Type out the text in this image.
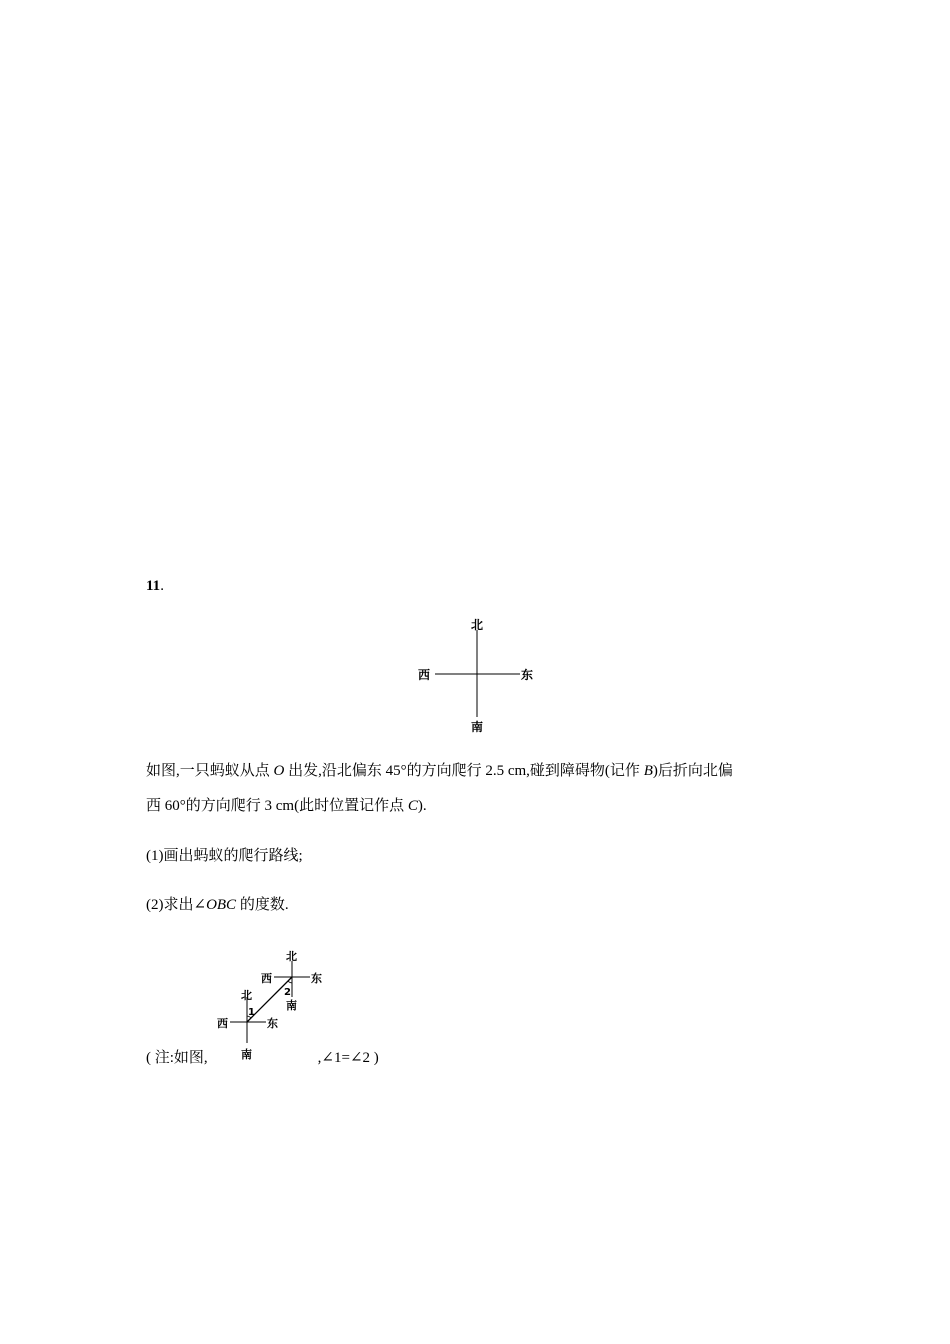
11.
北
南
西	东
如图,一只蚂蚁从点 O 出发,沿北偏东 45°的方向爬行 2.5 cm,碰到障碍物(记作 B)后折向北偏
西 60°的方向爬行 3 cm(此时位置记作点 C).
(1)画出蚂蚁的爬行路线;
(2)求出∠OBC 的度数.
北
西	东
南
2
北
西	东
南
1
( 注:如图,	,∠1=∠2 )
